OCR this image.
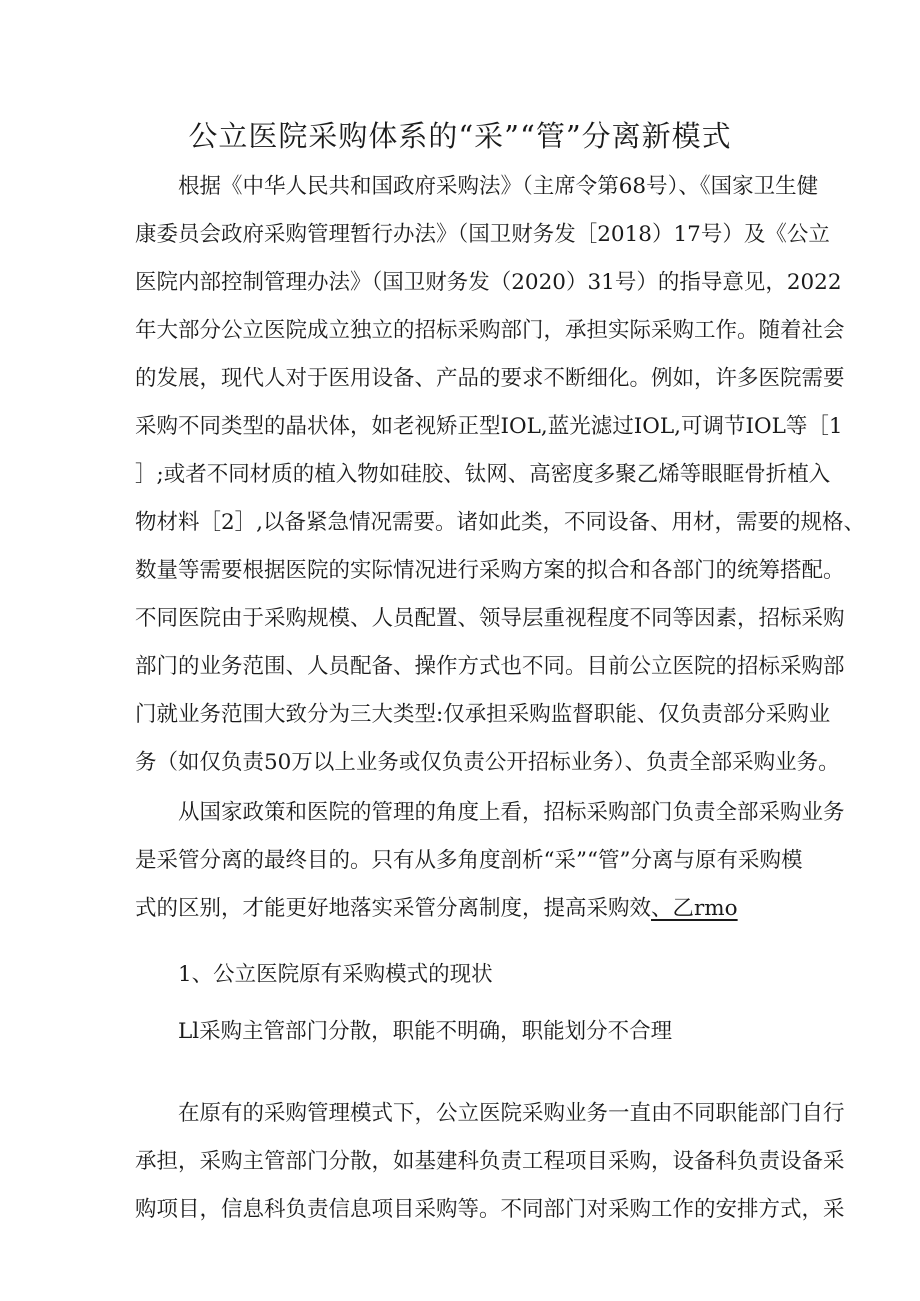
公立医院采购体系的“采”“管”分离新模式
根据《中华人民共和国政府采购法》（主席令第68号）、《国家卫生健
康委员会政府采购管理暂行办法》（国卫财务发［2018）17号）及《公立
医院内部控制管理办法》（国卫财务发（2020）31号）的指导意见，2022
年大部分公立医院成立独立的招标采购部门，承担实际采购工作。随着社会
的发展，现代人对于医用设备、产品的要求不断细化。例如，许多医院需要
采购不同类型的晶状体，如老视矫正型IOL,蓝光滤过IOL,可调节IOL等［1
］;或者不同材质的植入物如硅胶、钛网、高密度多聚乙烯等眼眶骨折植入
物材料［2］,以备紧急情况需要。诸如此类，不同设备、用材，需要的规格、
数量等需要根据医院的实际情况进行采购方案的拟合和各部门的统筹搭配。
不同医院由于采购规模、人员配置、领导层重视程度不同等因素，招标采购
部门的业务范围、人员配备、操作方式也不同。目前公立医院的招标采购部
门就业务范围大致分为三大类型:仅承担采购监督职能、仅负责部分采购业
务（如仅负责50万以上业务或仅负责公开招标业务）、负责全部采购业务。
从国家政策和医院的管理的角度上看，招标采购部门负责全部采购业务
是采管分离的最终目的。只有从多角度剖析“采”“管”分离与原有采购模
式的区别，才能更好地落实采管分离制度，提高采购效、乙rmo
1、公立医院原有采购模式的现状
Ll采购主管部门分散，职能不明确，职能划分不合理
在原有的采购管理模式下，公立医院采购业务一直由不同职能部门自行
承担，采购主管部门分散，如基建科负责工程项目采购，设备科负责设备采
购项目，信息科负责信息项目采购等。不同部门对采购工作的安排方式，采
